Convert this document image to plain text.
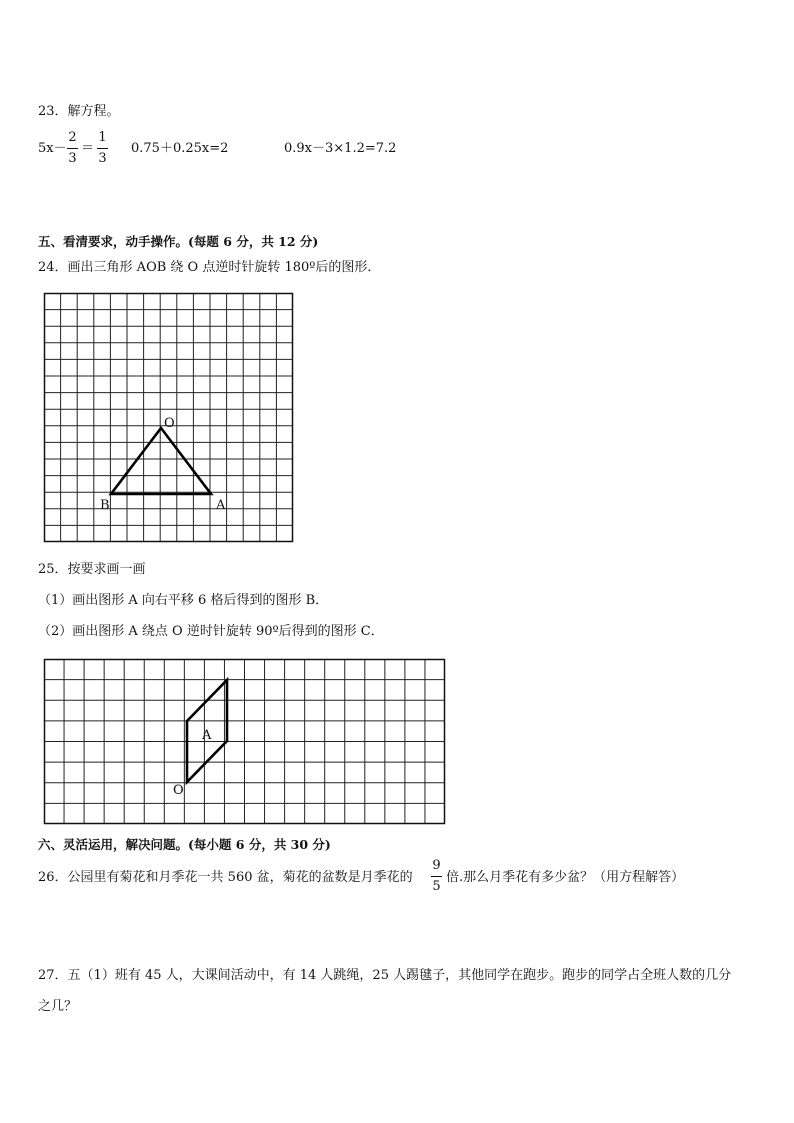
23．解方程。
5x－
2
3
＝
1
3
0.75＋0.25x=2	0.9x－3×1.2=7.2
五、看清要求，动手操作。(每题 6 分，共 12 分)
24．画出三角形 AOB 绕 O 点逆时针旋转 180º后的图形．
O
B	A
25．按要求画一画
（1）画出图形 A 向右平移 6 格后得到的图形 B．
（2）画出图形 A 绕点 O 逆时针旋转 90º后得到的图形 C．
A
O
六、灵活运用，解决问题。(每小题 6 分，共 30 分)
26．公园里有菊花和月季花一共 560 盆，菊花的盆数是月季花的
9
5
倍.那么月季花有多少盆？（用方程解答）
27．五（1）班有 45 人，大课间活动中，有 14 人跳绳，25 人踢毽子，其他同学在跑步。跑步的同学占全班人数的几分
之几？
